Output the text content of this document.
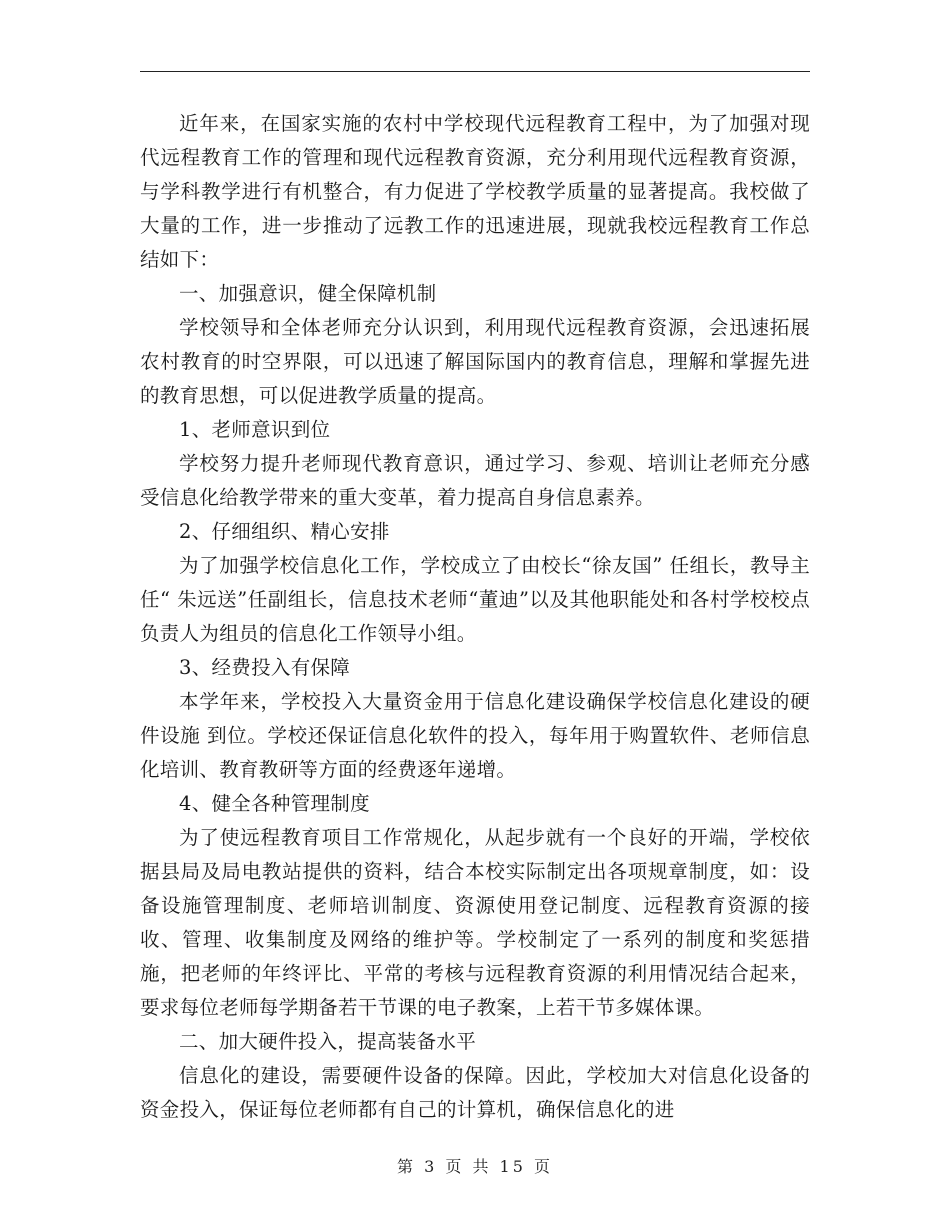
近年来，在国家实施的农村中学校现代远程教育工程中，为了加强对现代远程教育工作的管理和现代远程教育资源，充分利用现代远程教育资源，与学科教学进行有机整合，有力促进了学校教学质量的显著提高。我校做了大量的工作，进一步推动了远教工作的迅速进展，现就我校远程教育工作总结如下：

一、加强意识，健全保障机制

学校领导和全体老师充分认识到，利用现代远程教育资源，会迅速拓展农村教育的时空界限，可以迅速了解国际国内的教育信息，理解和掌握先进的教育思想，可以促进教学质量的提高。

1、老师意识到位

学校努力提升老师现代教育意识，通过学习、参观、培训让老师充分感受信息化给教学带来的重大变革，着力提高自身信息素养。

2、仔细组织、精心安排

为了加强学校信息化工作，学校成立了由校长“徐友国” 任组长，教导主任“ 朱远送”任副组长，信息技术老师“董迪”以及其他职能处和各村学校校点负责人为组员的信息化工作领导小组。

3、经费投入有保障

本学年来，学校投入大量资金用于信息化建设确保学校信息化建设的硬件设施 到位。学校还保证信息化软件的投入，每年用于购置软件、老师信息化培训、教育教研等方面的经费逐年递增。

4、健全各种管理制度

为了使远程教育项目工作常规化，从起步就有一个良好的开端，学校依据县局及局电教站提供的资料，结合本校实际制定出各项规章制度，如：设备设施管理制度、老师培训制度、资源使用登记制度、远程教育资源的接收、管理、收集制度及网络的维护等。学校制定了一系列的制度和奖惩措施，把老师的年终评比、平常的考核与远程教育资源的利用情况结合起来，要求每位老师每学期备若干节课的电子教案，上若干节多媒体课。

二、加大硬件投入，提高装备水平

信息化的建设，需要硬件设备的保障。因此，学校加大对信息化设备的资金投入，保证每位老师都有自己的计算机，确保信息化的进

第 3 页 共 15 页
